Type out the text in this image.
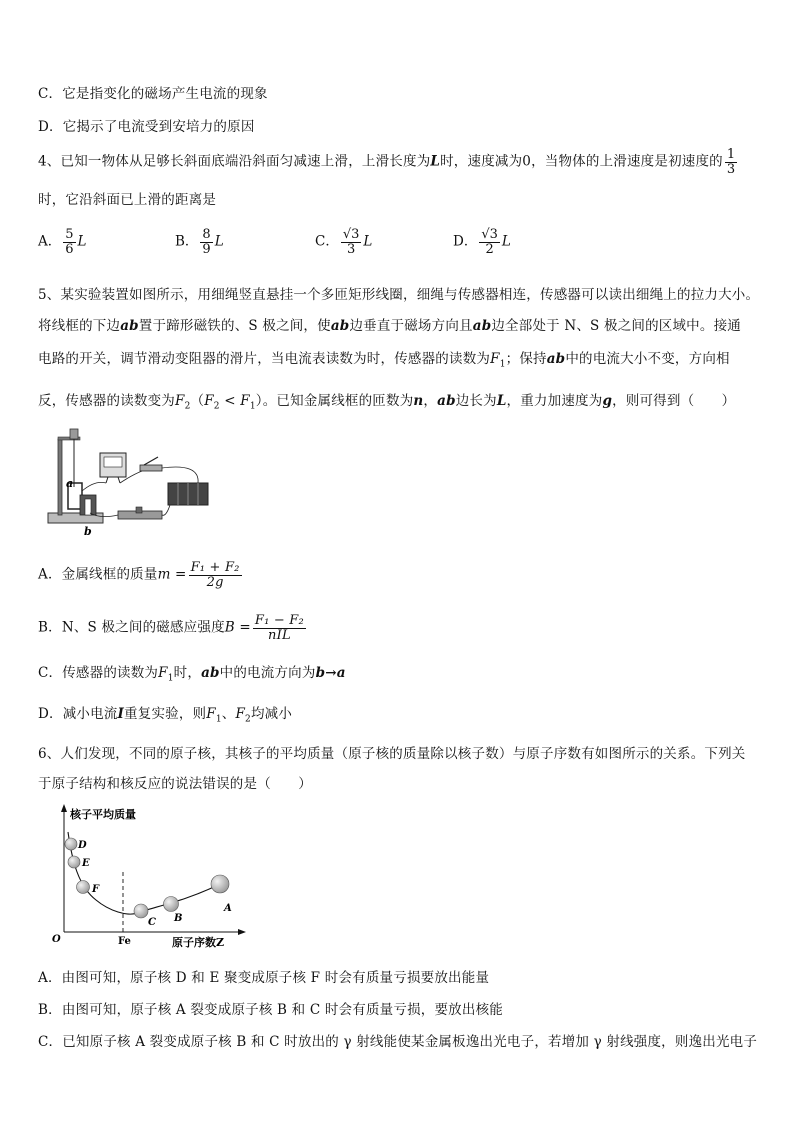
C．它是指变化的磁场产生电流的现象
D．它揭示了电流受到安培力的原因
4、已知一物体从足够长斜面底端沿斜面匀减速上滑，上滑长度为L时，速度减为0，当物体的上滑速度是初速度的 $\frac{1}{3}$
时，它沿斜面已上滑的距离是
A． $\frac{5}{6}$ L	B． $\frac{8}{9}$ L	C． $\frac{√3}{3}$ L	D． $\frac{√3}{2}$ L
5、某实验装置如图所示，用细绳竖直悬挂一个多匝矩形线圈，细绳与传感器相连，传感器可以读出细绳上的拉力大小。
将线框的下边ab置于蹄形磁铁的、S 极之间，使ab边垂直于磁场方向且ab边全部处于 N、S 极之间的区域中。接通
电路的开关，调节滑动变阻器的滑片，当电流表读数为时，传感器的读数为$F_1$；保持ab中的电流大小不变，方向相
反，传感器的读数变为$F_2(F_2 < F_1)$。已知金属线框的匝数为n，ab边长为L，重力加速度为g，则可得到（　　）
a
b
A．金属线框的质量$m = \frac{\text{F₁ + F₂}}{2g}$
B．N、S 极之间的磁感应强度$B = \frac{\text{F₁ − F₂}}{\text{nIL}}$
C．传感器的读数为$F_1$时，ab中的电流方向为b→a
D．减小电流I重复实验，则$F_1$、$F_2$均减小
6、人们发现，不同的原子核，其核子的平均质量（原子核的质量除以核子数）与原子序数有如图所示的关系。下列关
于原子结构和核反应的说法错误的是（　　）
核子平均质量
原子序数Z
O	Fe
D
E
F
C B
A
A．由图可知，原子核 D 和 E 聚变成原子核 F 时会有质量亏损要放出能量
B．由图可知，原子核 A 裂变成原子核 B 和 C 时会有质量亏损，要放出核能
C．已知原子核 A 裂变成原子核 B 和 C 时放出的 γ 射线能使某金属板逸出光电子，若增加 γ 射线强度，则逸出光电子
